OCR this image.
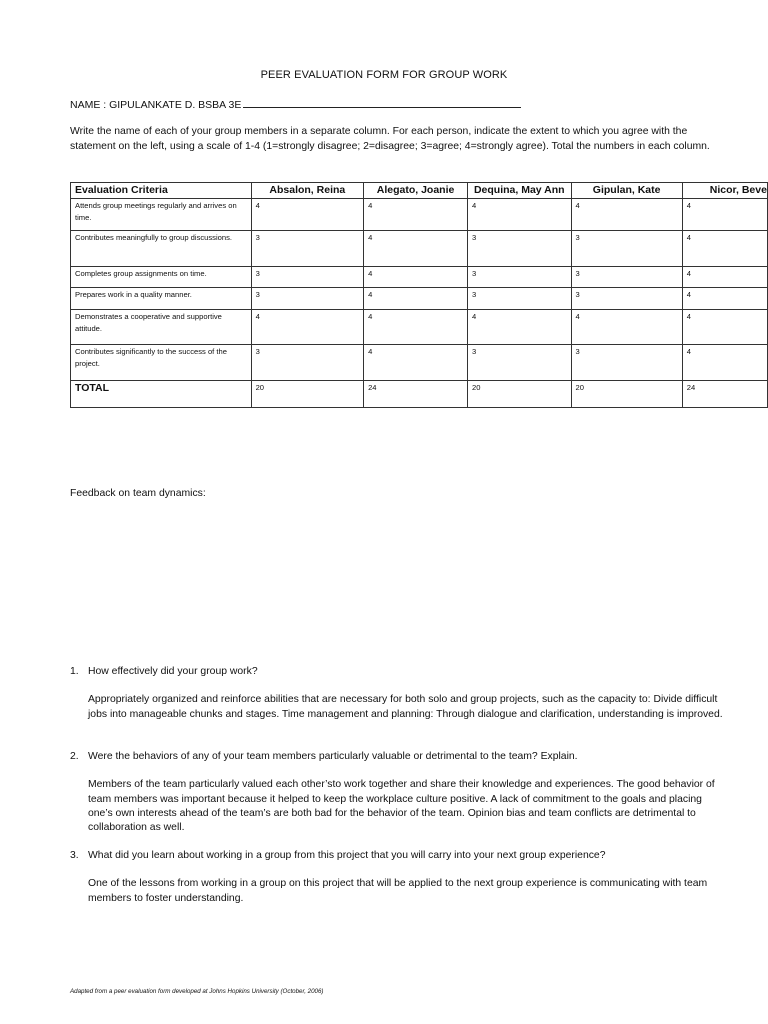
PEER EVALUATION FORM FOR GROUP WORK
NAME : GIPULANKATE D. BSBA 3E
Write the name of each of your group members in a separate column. For each person, indicate the extent to which you agree with the statement on the left, using a scale of 1-4 (1=strongly disagree; 2=disagree; 3=agree; 4=strongly agree). Total the numbers in each column.
Evaluation Criteria	Absalon, Reina	Alegato, Joanie	Dequina, May Ann	Gipulan, Kate	Nicor, Beve
Attends group meetings regularly and arrives on time.	4	4	4	4	4
Contributes meaningfully to group discussions.	3	4	3	3	4
Completes group assignments on time.	3	4	3	3	4
Prepares work in a quality manner.	3	4	3	3	4
Demonstrates a cooperative and supportive attitude.	4	4	4	4	4
Contributes significantly to the success of the project.	3	4	3	3	4
TOTAL	20	24	20	20	24
Feedback on team dynamics:
1. How effectively did your group work?
Appropriately organized and reinforce abilities that are necessary for both solo and group projects, such as the capacity to: Divide difficult jobs into manageable chunks and stages. Time management and planning: Through dialogue and clarification, understanding is improved.
2. Were the behaviors of any of your team members particularly valuable or detrimental to the team? Explain.
Members of the team particularly valued each other’sto work together and share their knowledge and experiences. The good behavior of team members was important because it helped to keep the workplace culture positive. A lack of commitment to the goals and placing one’s own interests ahead of the team’s are both bad for the behavior of the team. Opinion bias and team conflicts are detrimental to collaboration as well.
3. What did you learn about working in a group from this project that you will carry into your next group experience?
One of the lessons from working in a group on this project that will be applied to the next group experience is communicating with team members to foster understanding.
Adapted from a peer evaluation form developed at Johns Hopkins University (October, 2006)
